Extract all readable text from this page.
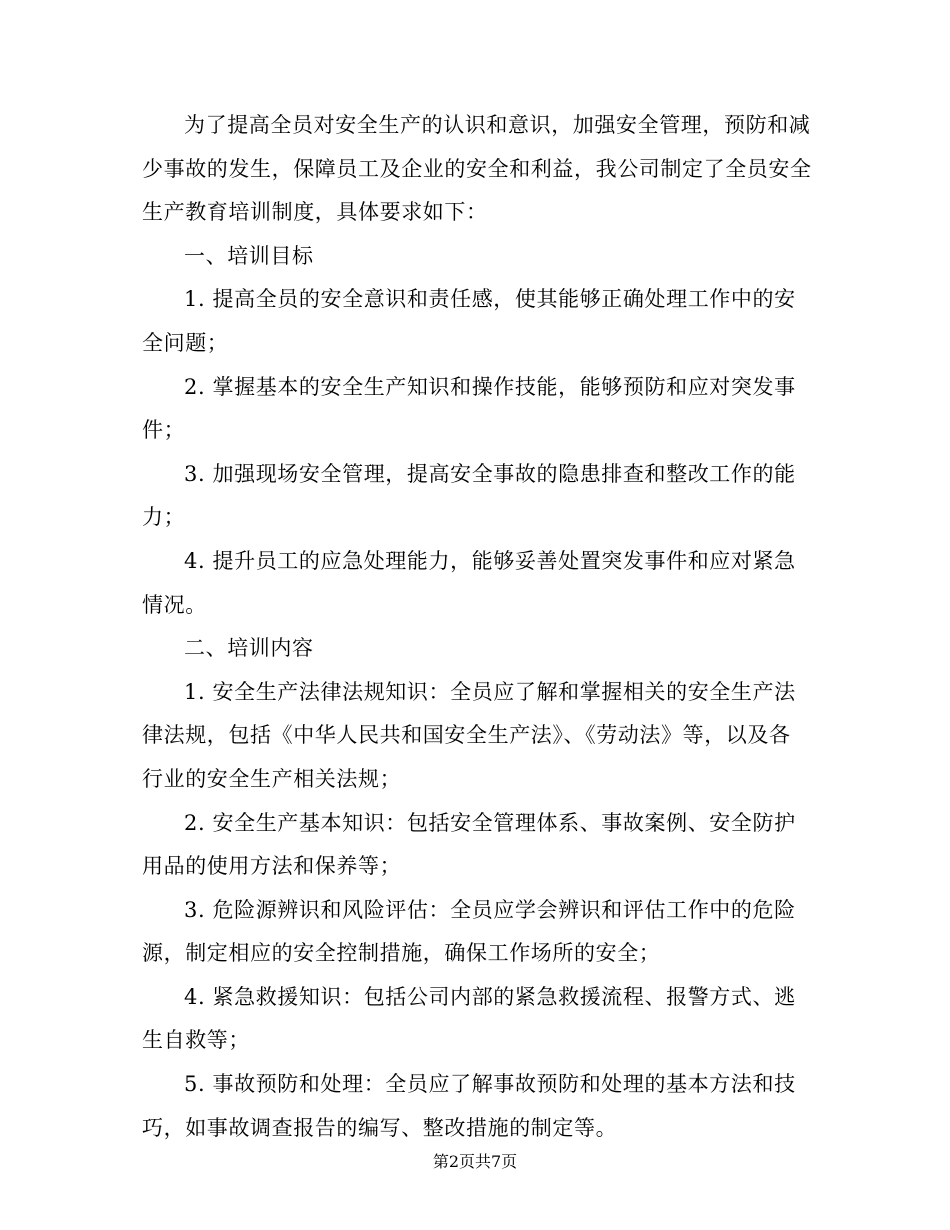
为了提高全员对安全生产的认识和意识，加强安全管理，预防和减少事故的发生，保障员工及企业的安全和利益，我公司制定了全员安全生产教育培训制度，具体要求如下：

一、培训目标

1. 提高全员的安全意识和责任感，使其能够正确处理工作中的安全问题；

2. 掌握基本的安全生产知识和操作技能，能够预防和应对突发事件；

3. 加强现场安全管理，提高安全事故的隐患排查和整改工作的能力；

4. 提升员工的应急处理能力，能够妥善处置突发事件和应对紧急情况。

二、培训内容

1. 安全生产法律法规知识：全员应了解和掌握相关的安全生产法律法规，包括《中华人民共和国安全生产法》、《劳动法》等，以及各行业的安全生产相关法规；

2. 安全生产基本知识：包括安全管理体系、事故案例、安全防护用品的使用方法和保养等；

3. 危险源辨识和风险评估：全员应学会辨识和评估工作中的危险源，制定相应的安全控制措施，确保工作场所的安全；

4. 紧急救援知识：包括公司内部的紧急救援流程、报警方式、逃生自救等；

5. 事故预防和处理：全员应了解事故预防和处理的基本方法和技巧，如事故调查报告的编写、整改措施的制定等。

第2页共7页
